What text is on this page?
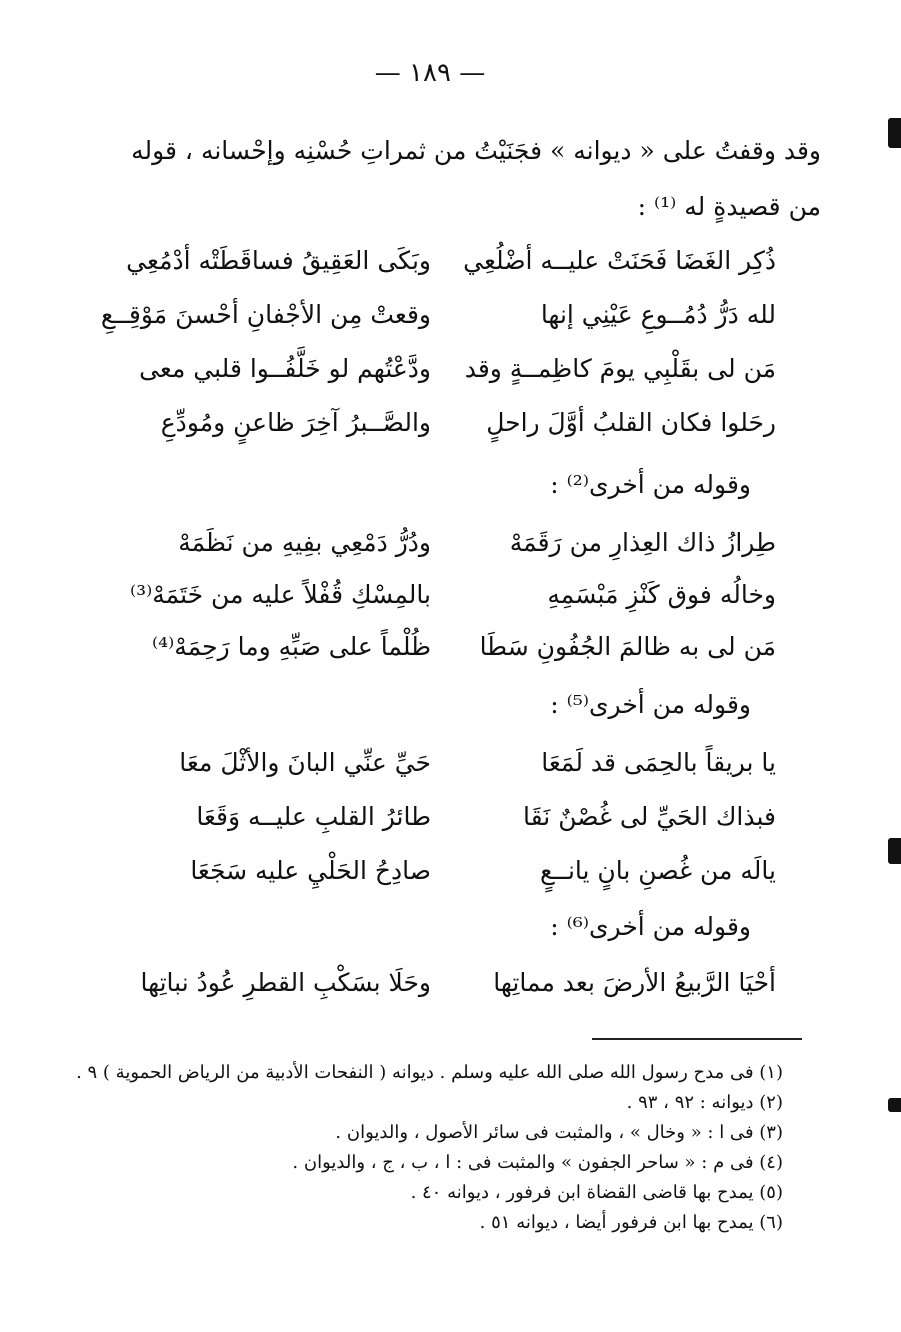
— ١٨٩ —
وقد وقفتُ على « ديوانه » فجَنَيْتُ من ثمراتِ حُسْنِه وإحْسانه ، قوله
من قصيدةٍ له ⁽¹⁾ :
ذُكِر الغَضَا فَحَنَتْ عليــه أضْلُعِي
وبَكَى العَقِيقُ فساقَطَتْه أدْمُعِي
لله دَرُّ دُمُــوعِ عَيْنِي إنها
وقعتْ مِن الأجْفانِ أحْسنَ مَوْقِــعِ
مَن لى بقَلْبِي يومَ كاظِمــةٍ وقد
ودَّعْتُهم لو خَلَّفُــوا قلبي معى
رحَلوا فكان القلبُ أوَّلَ راحلٍ
والصَّــبرُ آخِرَ ظاعنٍ ومُودِّعِ
وقوله من أخرى⁽²⁾ :
طِرازُ ذاك العِذارِ من رَقَمَهْ
ودُرُّ دَمْعِي بفِيهِ من نَظَمَهْ
وخالُه فوق كَنْزِ مَبْسَمِهِ
بالمِسْكِ قُفْلاً عليه من خَتَمَهْ⁽³⁾
مَن لى به ظالمَ الجُفُونِ سَطَا
ظُلْماً على صَبِّهِ وما رَحِمَهْ⁽⁴⁾
وقوله من أخرى⁽⁵⁾ :
يا بريقاً بالحِمَى قد لَمَعَا
حَيِّ عنِّي البانَ والأثْلَ معَا
فبذاك الحَيِّ لى غُصْنٌ نَقَا
طائرُ القلبِ عليــه وَقَعَا
يالَه من غُصنِ بانٍ يانــعٍ
صادِحُ الحَلْيِ عليه سَجَعَا
وقوله من أخرى⁽⁶⁾ :
أحْيَا الرَّبيعُ الأرضَ بعد مماتِها
وحَلَا بسَكْبِ القطرِ عُودُ نباتِها
(١) فى مدح رسول الله صلى الله عليه وسلم . ديوانه ( النفحات الأدبية من الرياض الحموية ) ٩ .
(٢) ديوانه : ٩٢ ، ٩٣ .
(٣) فى ا : « وخال » ، والمثبت فى سائر الأصول ، والديوان .
(٤) فى م : « ساحر الجفون » والمثبت فى : ا ، ب ، ج ، والديوان .
(٥) يمدح بها قاضى القضاة ابن فرفور ، ديوانه ٤٠ .
(٦) يمدح بها ابن فرفور أيضا ، ديوانه ٥١ .
